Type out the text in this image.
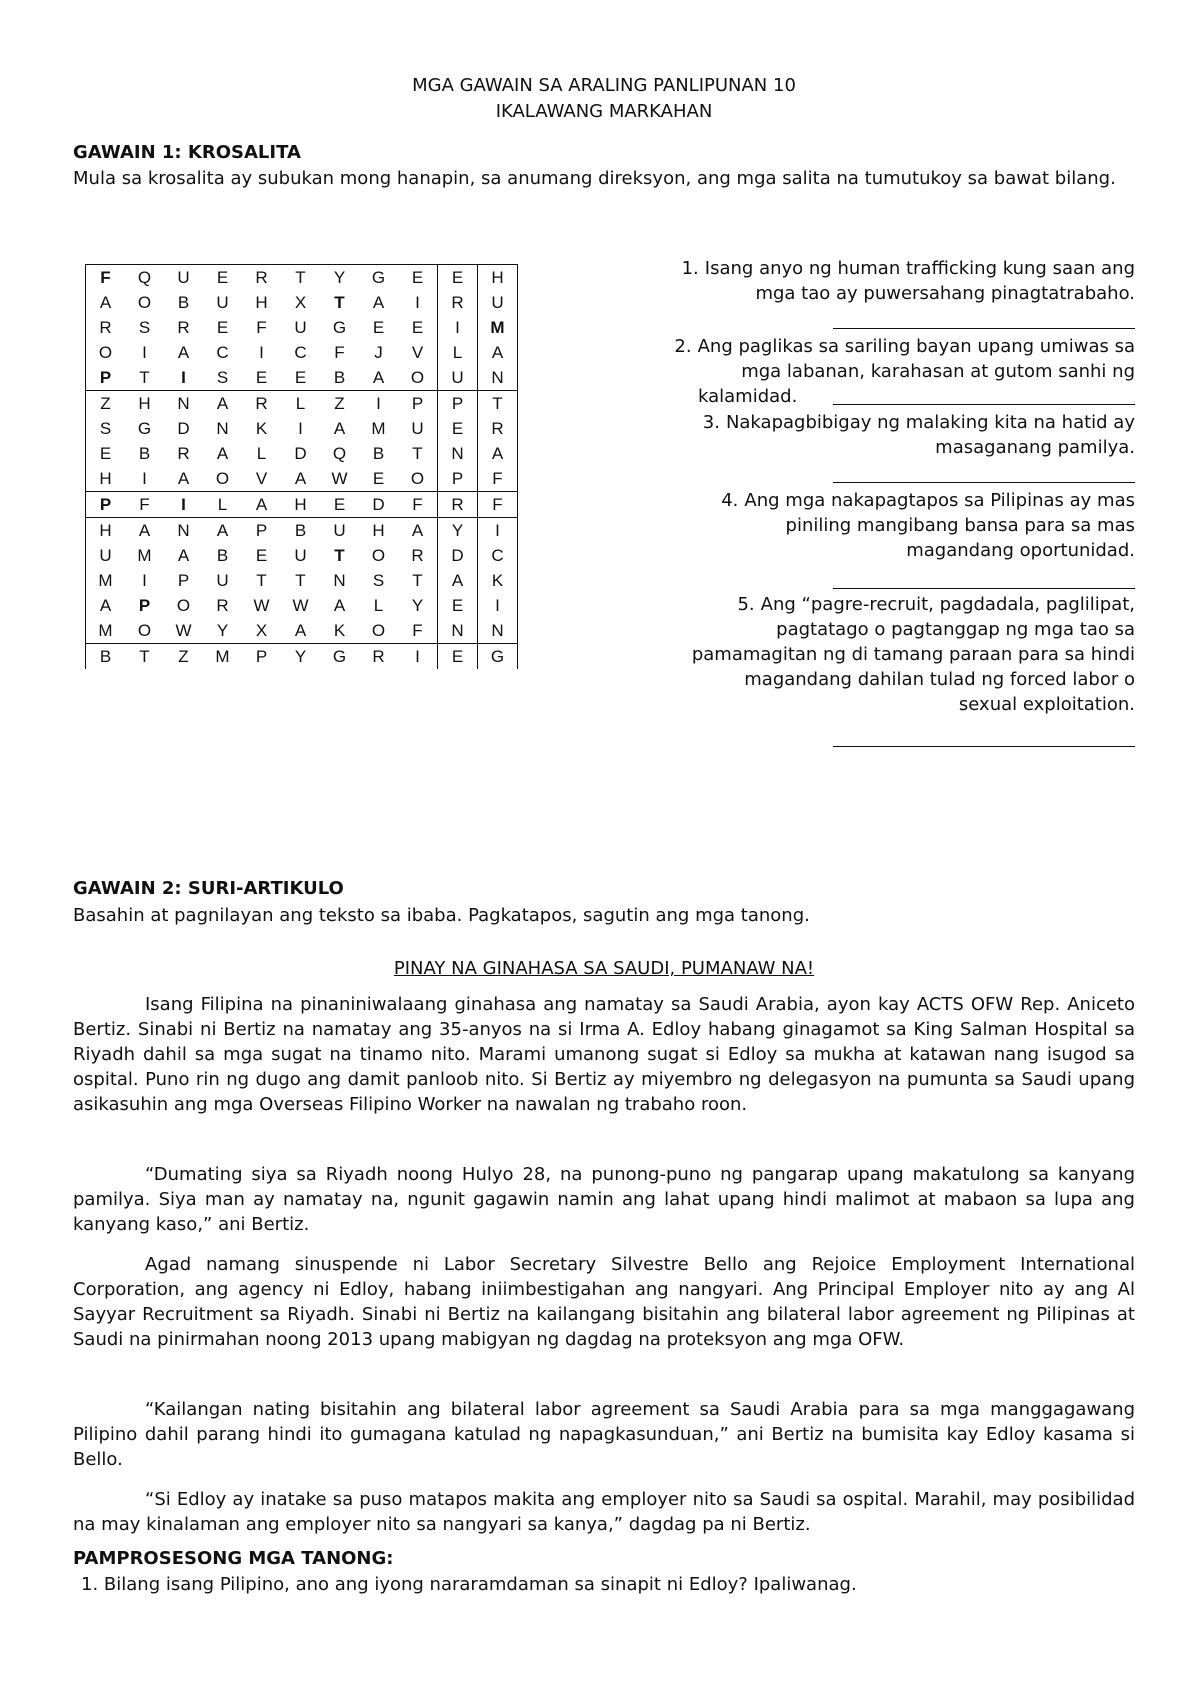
MGA GAWAIN SA ARALING PANLIPUNAN 10
IKALAWANG MARKAHAN
GAWAIN 1: KROSALITA
Mula sa krosalita ay subukan mong hanapin, sa anumang direksyon, ang mga salita na tumutukoy sa bawat bilang.
F	Q	U	E	R	T	Y	G	E	E	H
A	O	B	U	H	X	T	A	I	R	U
R	S	R	E	F	U	G	E	E	I	M
O	I	A	C	I	C	F	J	V	L	A
P	T	I	S	E	E	B	A	O	U	N
Z	H	N	A	R	L	Z	I	P	P	T
S	G	D	N	K	I	A	M	U	E	R
E	B	R	A	L	D	Q	B	T	N	A
H	I	A	O	V	A	W	E	O	P	F
P	F	I	L	A	H	E	D	F	R	F
H	A	N	A	P	B	U	H	A	Y	I
U	M	A	B	E	U	T	O	R	D	C
M	I	P	U	T	T	N	S	T	A	K
A	P	O	R	W	W	A	L	Y	E	I
M	O	W	Y	X	A	K	O	F	N	N
B	T	Z	M	P	Y	G	R	I	E	G
1. Isang anyo ng human trafficking kung saan ang
mga tao ay puwersahang pinagtatrabaho.
2. Ang paglikas sa sariling bayan upang umiwas sa
mga labanan, karahasan at gutom sanhi ng
kalamidad.
3. Nakapagbibigay ng malaking kita na hatid ay
masaganang pamilya.
4. Ang mga nakapagtapos sa Pilipinas ay mas
piniling mangibang bansa para sa mas
magandang oportunidad.
5. Ang “pagre-recruit, pagdadala, paglilipat,
pagtatago o pagtanggap ng mga tao sa
pamamagitan ng di tamang paraan para sa hindi
magandang dahilan tulad ng forced labor o
sexual exploitation.
GAWAIN 2: SURI-ARTIKULO
Basahin at pagnilayan ang teksto sa ibaba. Pagkatapos, sagutin ang mga tanong.
PINAY NA GINAHASA SA SAUDI, PUMANAW NA!
Isang Filipina na pinaniniwalaang ginahasa ang namatay sa Saudi Arabia, ayon kay ACTS OFW Rep. Aniceto Bertiz. Sinabi ni Bertiz na namatay ang 35-anyos na si Irma A. Edloy habang ginagamot sa King Salman Hospital sa Riyadh dahil sa mga sugat na tinamo nito. Marami umanong sugat si Edloy sa mukha at katawan nang isugod sa ospital. Puno rin ng dugo ang damit panloob nito. Si Bertiz ay miyembro ng delegasyon na pumunta sa Saudi upang asikasuhin ang mga Overseas Filipino Worker na nawalan ng trabaho roon.
“Dumating siya sa Riyadh noong Hulyo 28, na punong-puno ng pangarap upang makatulong sa kanyang pamilya. Siya man ay namatay na, ngunit gagawin namin ang lahat upang hindi malimot at mabaon sa lupa ang kanyang kaso,” ani Bertiz.
Agad namang sinuspende ni Labor Secretary Silvestre Bello ang Rejoice Employment International Corporation, ang agency ni Edloy, habang iniimbestigahan ang nangyari. Ang Principal Employer nito ay ang Al Sayyar Recruitment sa Riyadh. Sinabi ni Bertiz na kailangang bisitahin ang bilateral labor agreement ng Pilipinas at Saudi na pinirmahan noong 2013 upang mabigyan ng dagdag na proteksyon ang mga OFW.
“Kailangan nating bisitahin ang bilateral labor agreement sa Saudi Arabia para sa mga manggagawang Pilipino dahil parang hindi ito gumagana katulad ng napagkasunduan,” ani Bertiz na bumisita kay Edloy kasama si Bello.
“Si Edloy ay inatake sa puso matapos makita ang employer nito sa Saudi sa ospital. Marahil, may posibilidad na may kinalaman ang employer nito sa nangyari sa kanya,” dagdag pa ni Bertiz.
PAMPROSESONG MGA TANONG:
1. Bilang isang Pilipino, ano ang iyong nararamdaman sa sinapit ni Edloy? Ipaliwanag.
